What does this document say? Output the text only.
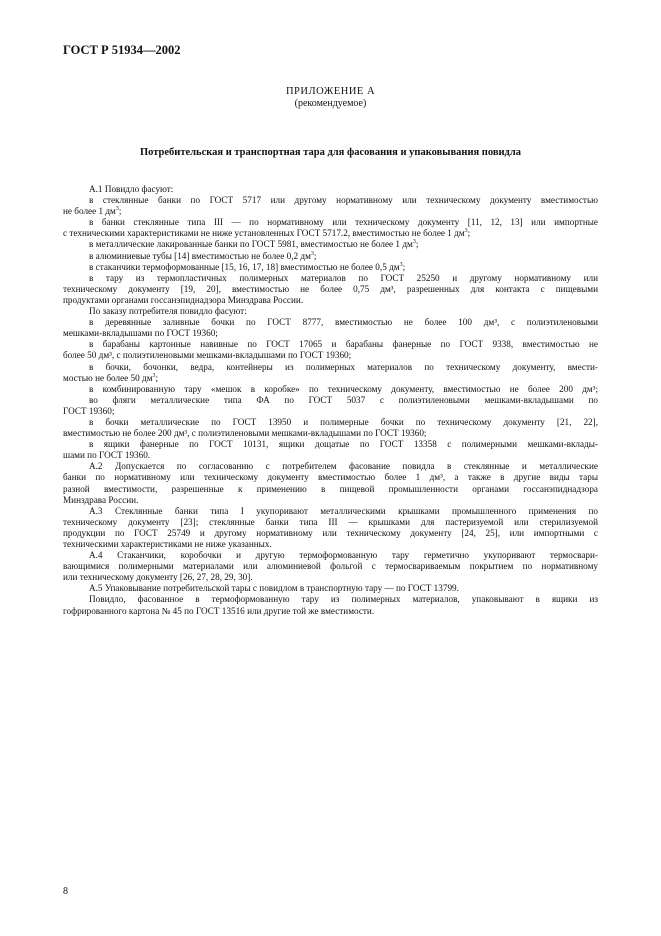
ГОСТ Р 51934—2002
ПРИЛОЖЕНИЕ А
(рекомендуемое)
Потребительская и транспортная тара для фасования и упаковывания повидла
А.1 Повидло фасуют:
в стеклянные банки по ГОСТ 5717 или другому нормативному или техническому документу вместимостью
не более 1 $дм^3$;
в банки стеклянные типа III — по нормативному или техническому документу [11, 12, 13] или импортные
с техническими характеристиками не ниже установленных ГОСТ 5717.2, вместимостью не более 1 $дм^3$;
в металлические лакированные банки по ГОСТ 5981, вместимостью не более 1 $дм^3$;
в алюминиевые тубы [14] вместимостью не более 0,2 $дм^3$;
в стаканчики термоформованные [15, 16, 17, 18] вместимостью не более 0,5 $дм^3$;
в тару из термопластичных полимерных материалов по ГОСТ 25250 и другому нормативному или
техническому документу [19, 20], вместимостью не более 0,75 дм³, разрешенных для контакта с пищевыми
продуктами органами госсанэпиднадзора Минздрава России.
По заказу потребителя повидло фасуют:
в деревянные заливные бочки по ГОСТ 8777, вместимостью не более 100 дм³, с полиэтиленовыми
мешками-вкладышами по ГОСТ 19360;
в барабаны картонные навивные по ГОСТ 17065 и барабаны фанерные по ГОСТ 9338, вместимостью не
более 50 дм³, с полиэтиленовыми мешками-вкладышами по ГОСТ 19360;
в бочки, бочонки, ведра, контейнеры из полимерных материалов по техническому документу, вмести-
мостью не более 50 $дм^3$;
в комбинированную тару «мешок в коробке» по техническому документу, вместимостью не более 200 дм³;
во фляги металлические типа ФА по ГОСТ 5037 с полиэтиленовыми мешками-вкладышами по
ГОСТ 19360;
в бочки металлические по ГОСТ 13950 и полимерные бочки по техническому документу [21, 22],
вместимостью не более 200 дм³, с полиэтиленовыми мешками-вкладышами по ГОСТ 19360;
в ящики фанерные по ГОСТ 10131, ящики дощатые по ГОСТ 13358 с полимерными мешками-вклады-
шами по ГОСТ 19360.
А.2 Допускается по согласованию с потребителем фасование повидла в стеклянные и металлические
банки по нормативному или техническому документу вместимостью более 1 дм³, а также в другие виды тары
разной вместимости, разрешенные к применению в пищевой промышленности органами госсанэпиднадзора
Минздрава России.
А.3 Стеклянные банки типа I укупоривают металлическими крышками промышленного применения по
техническому документу [23]; стеклянные банки типа III — крышками для пастеризуемой или стерилизуемой
продукции по ГОСТ 25749 и другому нормативному или техническому документу [24, 25], или импортными с
техническими характеристиками не ниже указанных.
А.4 Стаканчики, коробочки и другую термоформованную тару герметично укупоривают термосвари-
вающимися полимерными материалами или алюминиевой фольгой с термосвариваемым покрытием по нормативному
или техническому документу [26, 27, 28, 29, 30].
А.5 Упаковывание потребительской тары с повидлом в транспортную тару — по ГОСТ 13799.
Повидло, фасованное в термоформованную тару из полимерных материалов, упаковывают в ящики из
гофрированного картона № 45 по ГОСТ 13516 или другие той же вместимости.
8
